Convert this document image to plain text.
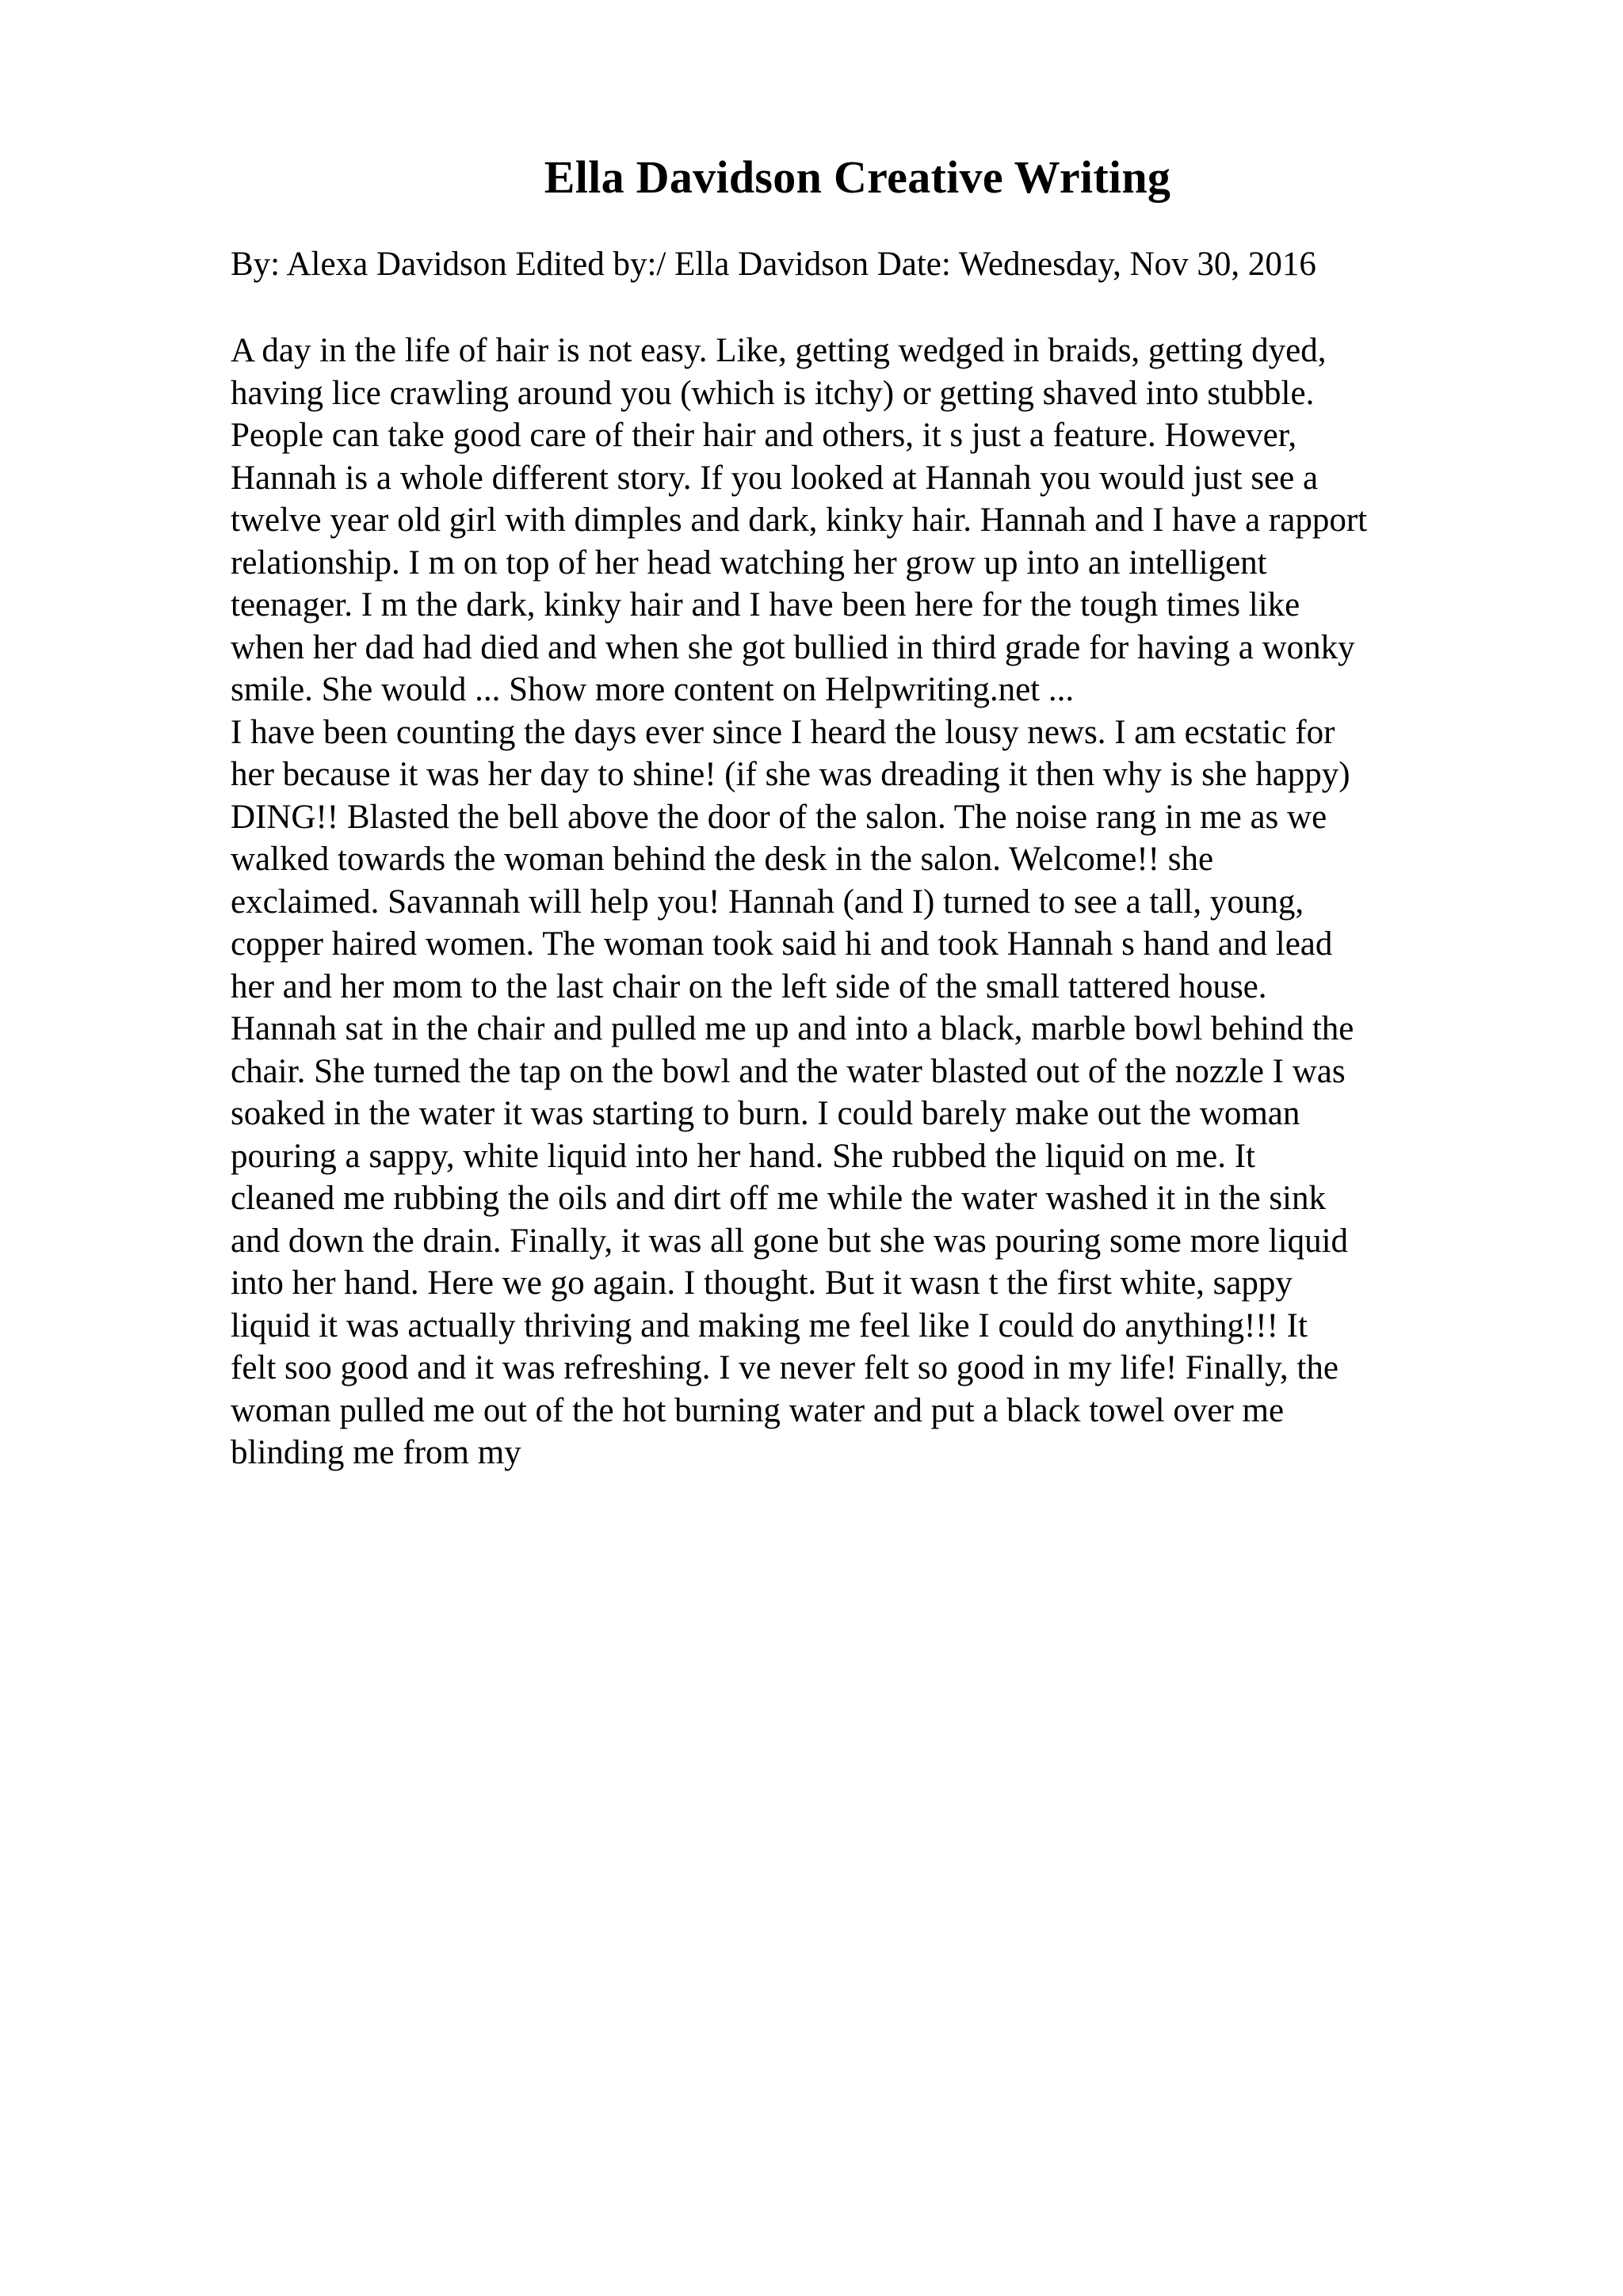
Ella Davidson Creative Writing
By: Alexa Davidson Edited by:/ Ella Davidson Date: Wednesday, Nov 30, 2016
A day in the life of hair is not easy. Like, getting wedged in braids, getting dyed,
having lice crawling around you (which is itchy) or getting shaved into stubble.
People can take good care of their hair and others, it s just a feature. However,
Hannah is a whole different story. If you looked at Hannah you would just see a
twelve year old girl with dimples and dark, kinky hair. Hannah and I have a rapport
relationship. I m on top of her head watching her grow up into an intelligent
teenager. I m the dark, kinky hair and I have been here for the tough times like
when her dad had died and when she got bullied in third grade for having a wonky
smile. She would ... Show more content on Helpwriting.net ...
I have been counting the days ever since I heard the lousy news. I am ecstatic for
her because it was her day to shine! (if she was dreading it then why is she happy)
DING!! Blasted the bell above the door of the salon. The noise rang in me as we
walked towards the woman behind the desk in the salon. Welcome!! she
exclaimed. Savannah will help you! Hannah (and I) turned to see a tall, young,
copper haired women. The woman took said hi and took Hannah s hand and lead
her and her mom to the last chair on the left side of the small tattered house.
Hannah sat in the chair and pulled me up and into a black, marble bowl behind the
chair. She turned the tap on the bowl and the water blasted out of the nozzle I was
soaked in the water it was starting to burn. I could barely make out the woman
pouring a sappy, white liquid into her hand. She rubbed the liquid on me. It
cleaned me rubbing the oils and dirt off me while the water washed it in the sink
and down the drain. Finally, it was all gone but she was pouring some more liquid
into her hand. Here we go again. I thought. But it wasn t the first white, sappy
liquid it was actually thriving and making me feel like I could do anything!!! It
felt soo good and it was refreshing. I ve never felt so good in my life! Finally, the
woman pulled me out of the hot burning water and put a black towel over me
blinding me from my
